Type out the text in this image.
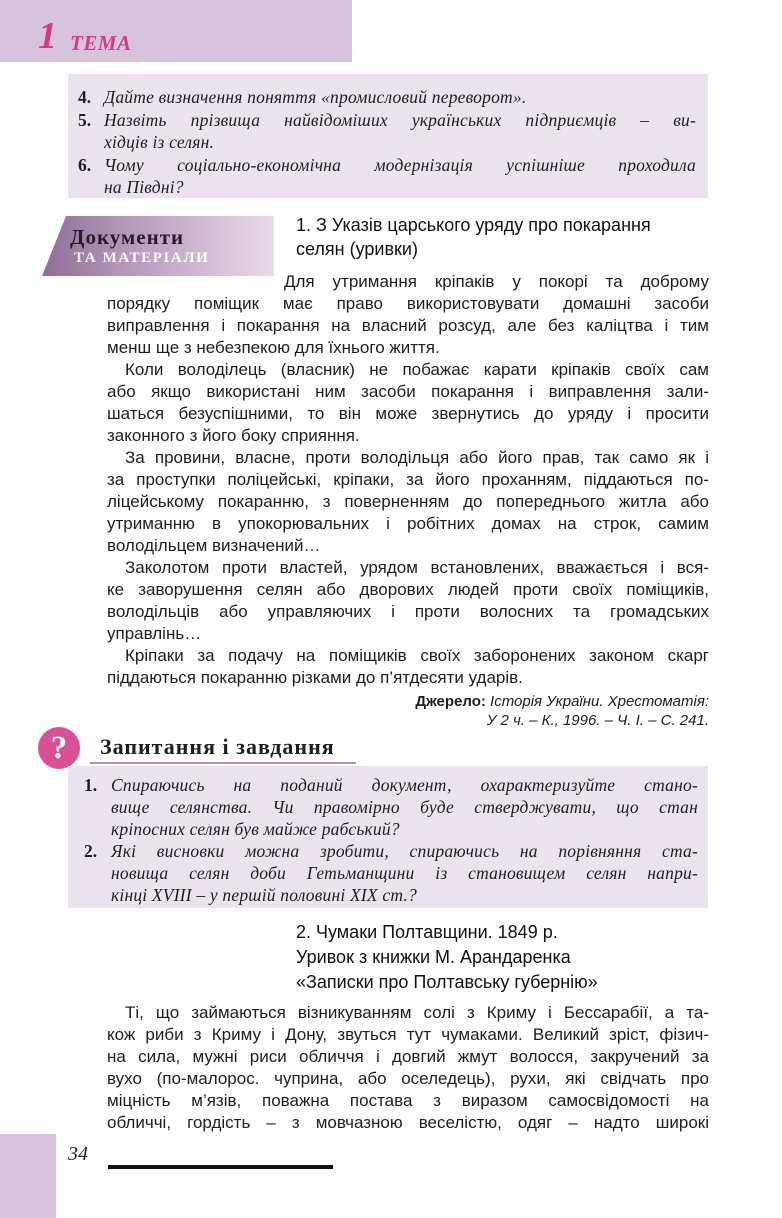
1 ТЕМА
4. Дайте визначення поняття «промисловий переворот».
5. Назвіть прізвища найвідоміших українських підприємців – ви-
хідців із селян.
6. Чому соціально-економічна модернізація успішніше проходила
на Півдні?
Документи
ТА МАТЕРІАЛИ
1. З Указів царського уряду про покарання
селян (уривки)
Для утримання кріпаків у покорі та доброму
порядку поміщик має право використовувати домашні засоби
виправлення і покарання на власний розсуд, але без каліцтва і тим
менш ще з небезпекою для їхнього життя.
Коли володілець (власник) не побажає карати кріпаків своїх сам
або якщо використані ним засоби покарання і виправлення зали-
шаться безуспішними, то він може звернутись до уряду і просити
законного з його боку сприяння.
За провини, власне, проти володільця або його прав, так само як і
за проступки поліцейські, кріпаки, за його проханням, піддаються по-
ліцейському покаранню, з поверненням до попереднього житла або
утриманню в упокорювальних і робітних домах на строк, самим
володільцем визначений…
Заколотом проти властей, урядом встановлених, вважається і вся-
ке заворушення селян або дворових людей проти своїх поміщиків,
володільців або управляючих і проти волосних та громадських
управлінь…
Кріпаки за подачу на поміщиків своїх заборонених законом скарг
піддаються покаранню різками до п’ятдесяти ударів.
Джерело: Історія України. Хрестоматія:
У 2 ч. – К., 1996. – Ч. І. – С. 241.
?	Запитання і завдання
1. Спираючись на поданий документ, охарактеризуйте стано-
вище селянства. Чи правомірно буде стверджувати, що стан
кріпосних селян був майже рабський?
2. Які висновки можна зробити, спираючись на порівняння ста-
новища селян доби Гетьманщини із становищем селян напри-
кінці XVIII – у першій половині XIX ст.?
2. Чумаки Полтавщини. 1849 р.
Уривок з книжки М. Арандаренка
«Записки про Полтавську губернію»
Ті, що займаються візникуванням солі з Криму і Бессарабії, а та-
кож риби з Криму і Дону, звуться тут чумаками. Великий зріст, фізич-
на сила, мужні риси обличчя і довгий жмут волосся, закручений за
вухо (по-малорос. чуприна, або оселедець), рухи, які свідчать про
міцність м’язів, поважна постава з виразом самосвідомості на
обличчі, гордість – з мовчазною веселістю, одяг – надто широкі
34
